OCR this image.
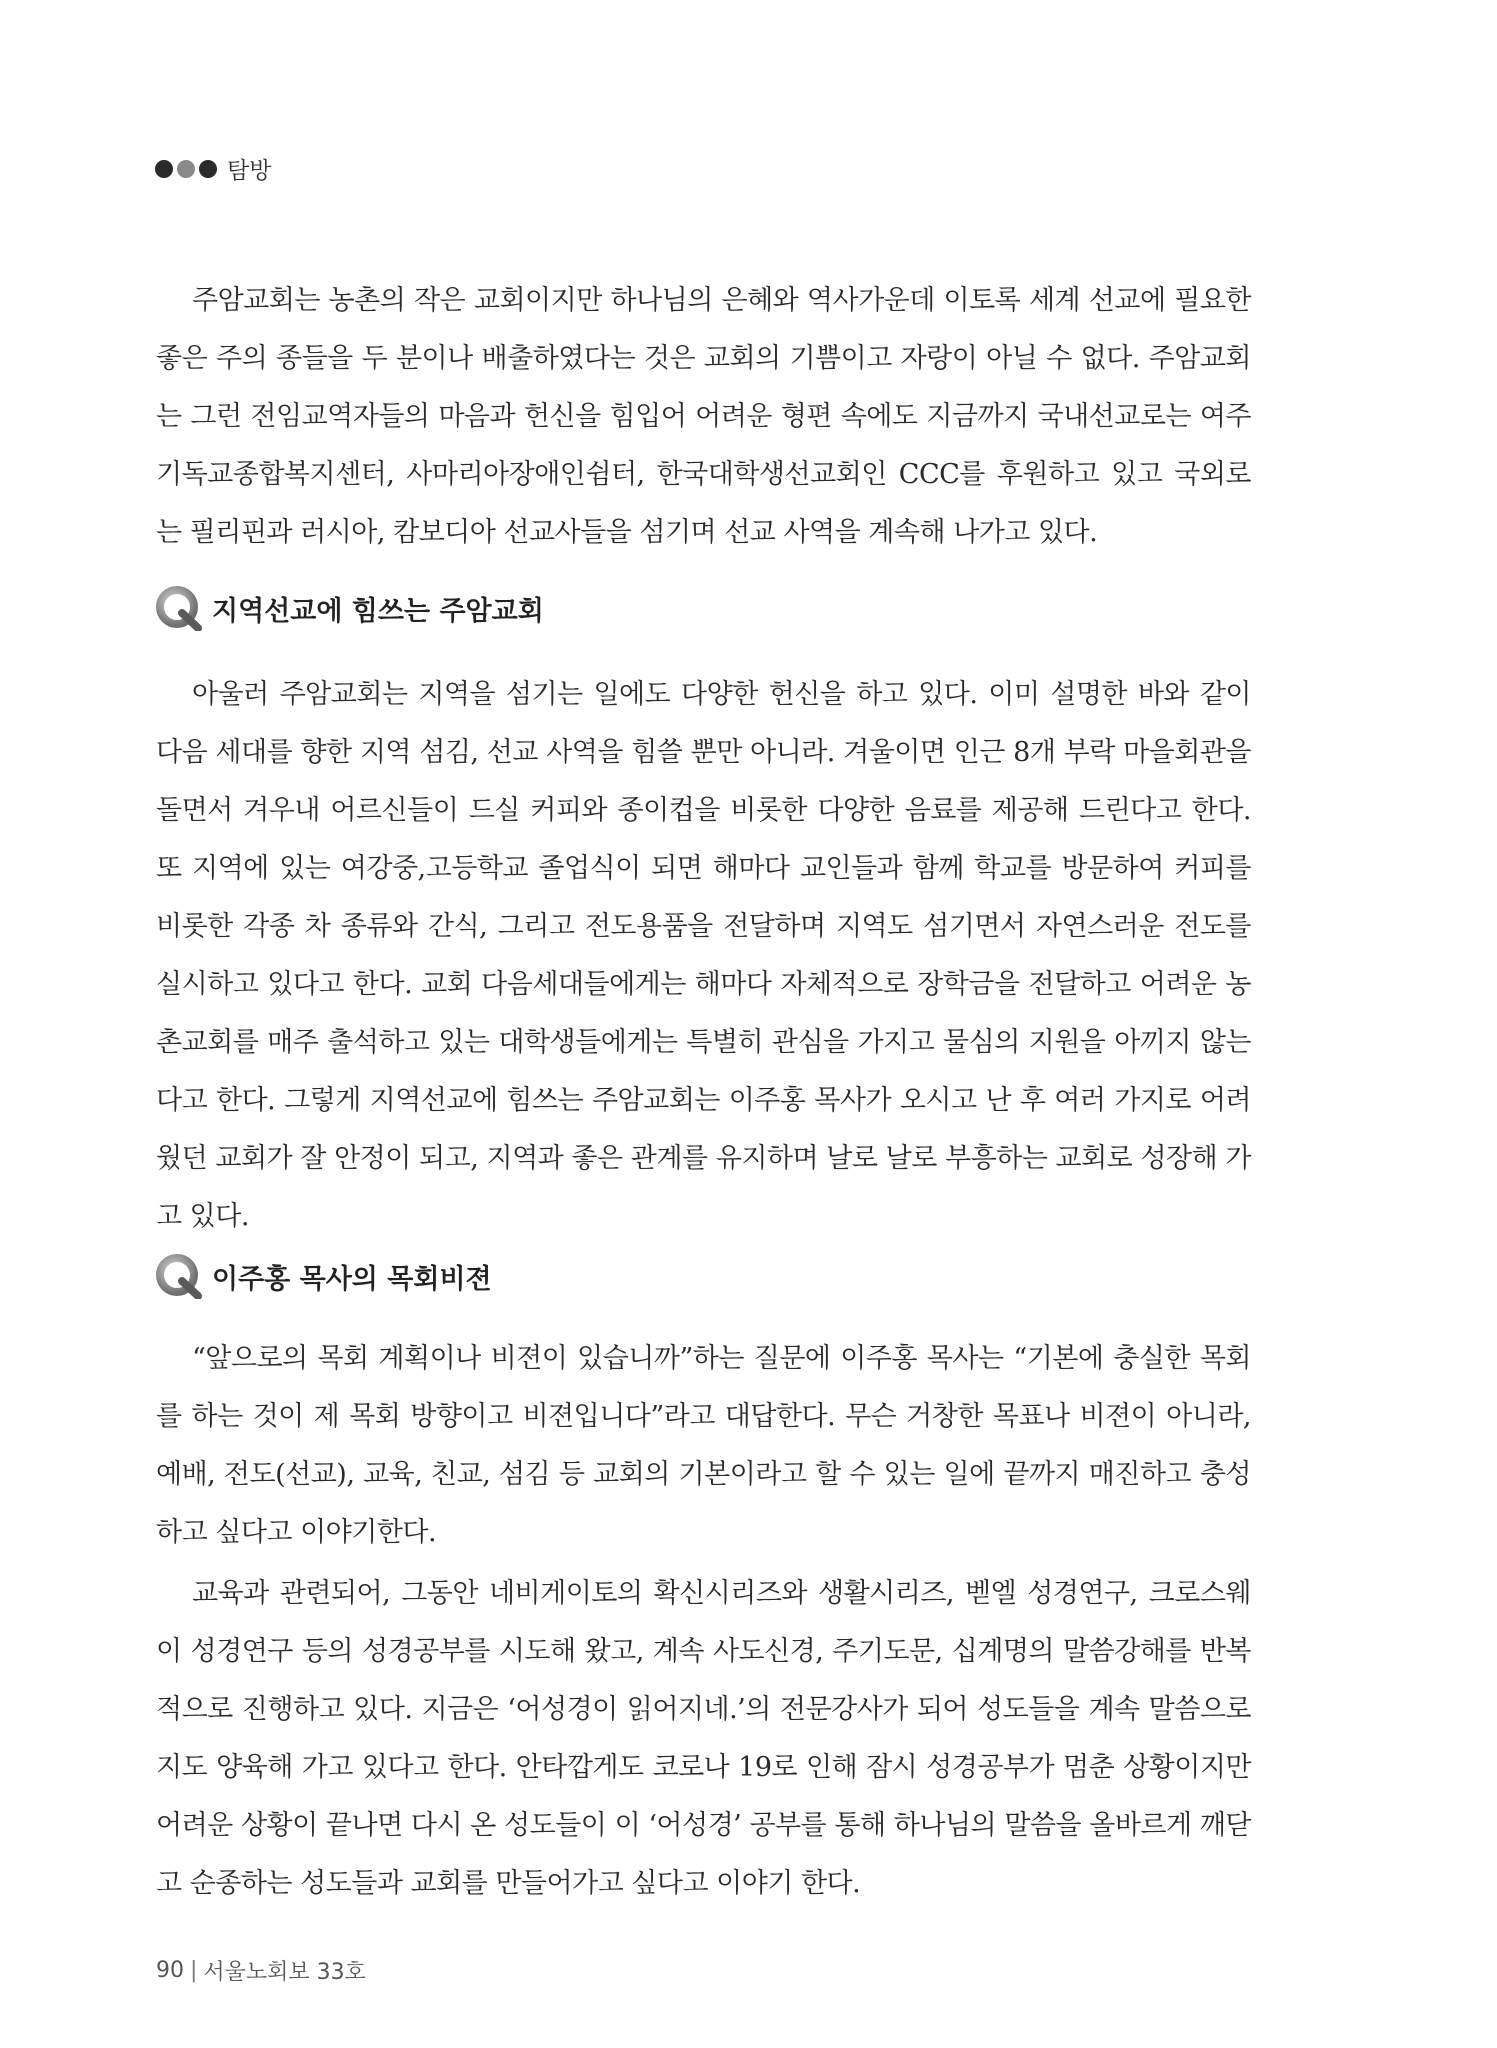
탐방

주암교회는 농촌의 작은 교회이지만 하나님의 은혜와 역사가운데 이토록 세계 선교에 필요한 좋은 주의 종들을 두 분이나 배출하였다는 것은 교회의 기쁨이고 자랑이 아닐 수 없다. 주암교회는 그런 전임교역자들의 마음과 헌신을 힘입어 어려운 형편 속에도 지금까지 국내선교로는 여주 기독교종합복지센터, 사마리아장애인쉼터, 한국대학생선교회인 CCC를 후원하고 있고 국외로는 필리핀과 러시아, 캄보디아 선교사들을 섬기며 선교 사역을 계속해 나가고 있다.

지역선교에 힘쓰는 주암교회

아울러 주암교회는 지역을 섬기는 일에도 다양한 헌신을 하고 있다. 이미 설명한 바와 같이 다음 세대를 향한 지역 섬김, 선교 사역을 힘쓸 뿐만 아니라. 겨울이면 인근 8개 부락 마을회관을 돌면서 겨우내 어르신들이 드실 커피와 종이컵을 비롯한 다양한 음료를 제공해 드린다고 한다. 또 지역에 있는 여강중,고등학교 졸업식이 되면 해마다 교인들과 함께 학교를 방문하여 커피를 비롯한 각종 차 종류와 간식, 그리고 전도용품을 전달하며 지역도 섬기면서 자연스러운 전도를 실시하고 있다고 한다. 교회 다음세대들에게는 해마다 자체적으로 장학금을 전달하고 어려운 농촌교회를 매주 출석하고 있는 대학생들에게는 특별히 관심을 가지고 물심의 지원을 아끼지 않는다고 한다. 그렇게 지역선교에 힘쓰는 주암교회는 이주홍 목사가 오시고 난 후 여러 가지로 어려웠던 교회가 잘 안정이 되고, 지역과 좋은 관계를 유지하며 날로 날로 부흥하는 교회로 성장해 가고 있다.

이주홍 목사의 목회비젼

“앞으로의 목회 계획이나 비젼이 있습니까”하는 질문에 이주홍 목사는 “기본에 충실한 목회를 하는 것이 제 목회 방향이고 비젼입니다”라고 대답한다. 무슨 거창한 목표나 비젼이 아니라, 예배, 전도(선교), 교육, 친교, 섬김 등 교회의 기본이라고 할 수 있는 일에 끝까지 매진하고 충성하고 싶다고 이야기한다.

교육과 관련되어, 그동안 네비게이토의 확신시리즈와 생활시리즈, 벧엘 성경연구, 크로스웨이 성경연구 등의 성경공부를 시도해 왔고, 계속 사도신경, 주기도문, 십계명의 말씀강해를 반복적으로 진행하고 있다. 지금은 ‘어성경이 읽어지네.’의 전문강사가 되어 성도들을 계속 말씀으로 지도 양육해 가고 있다고 한다. 안타깝게도 코로나 19로 인해 잠시 성경공부가 멈춘 상황이지만 어려운 상황이 끝나면 다시 온 성도들이 이 ‘어성경’ 공부를 통해 하나님의 말씀을 올바르게 깨닫고 순종하는 성도들과 교회를 만들어가고 싶다고 이야기 한다.

90 | 서울노회보 33호
